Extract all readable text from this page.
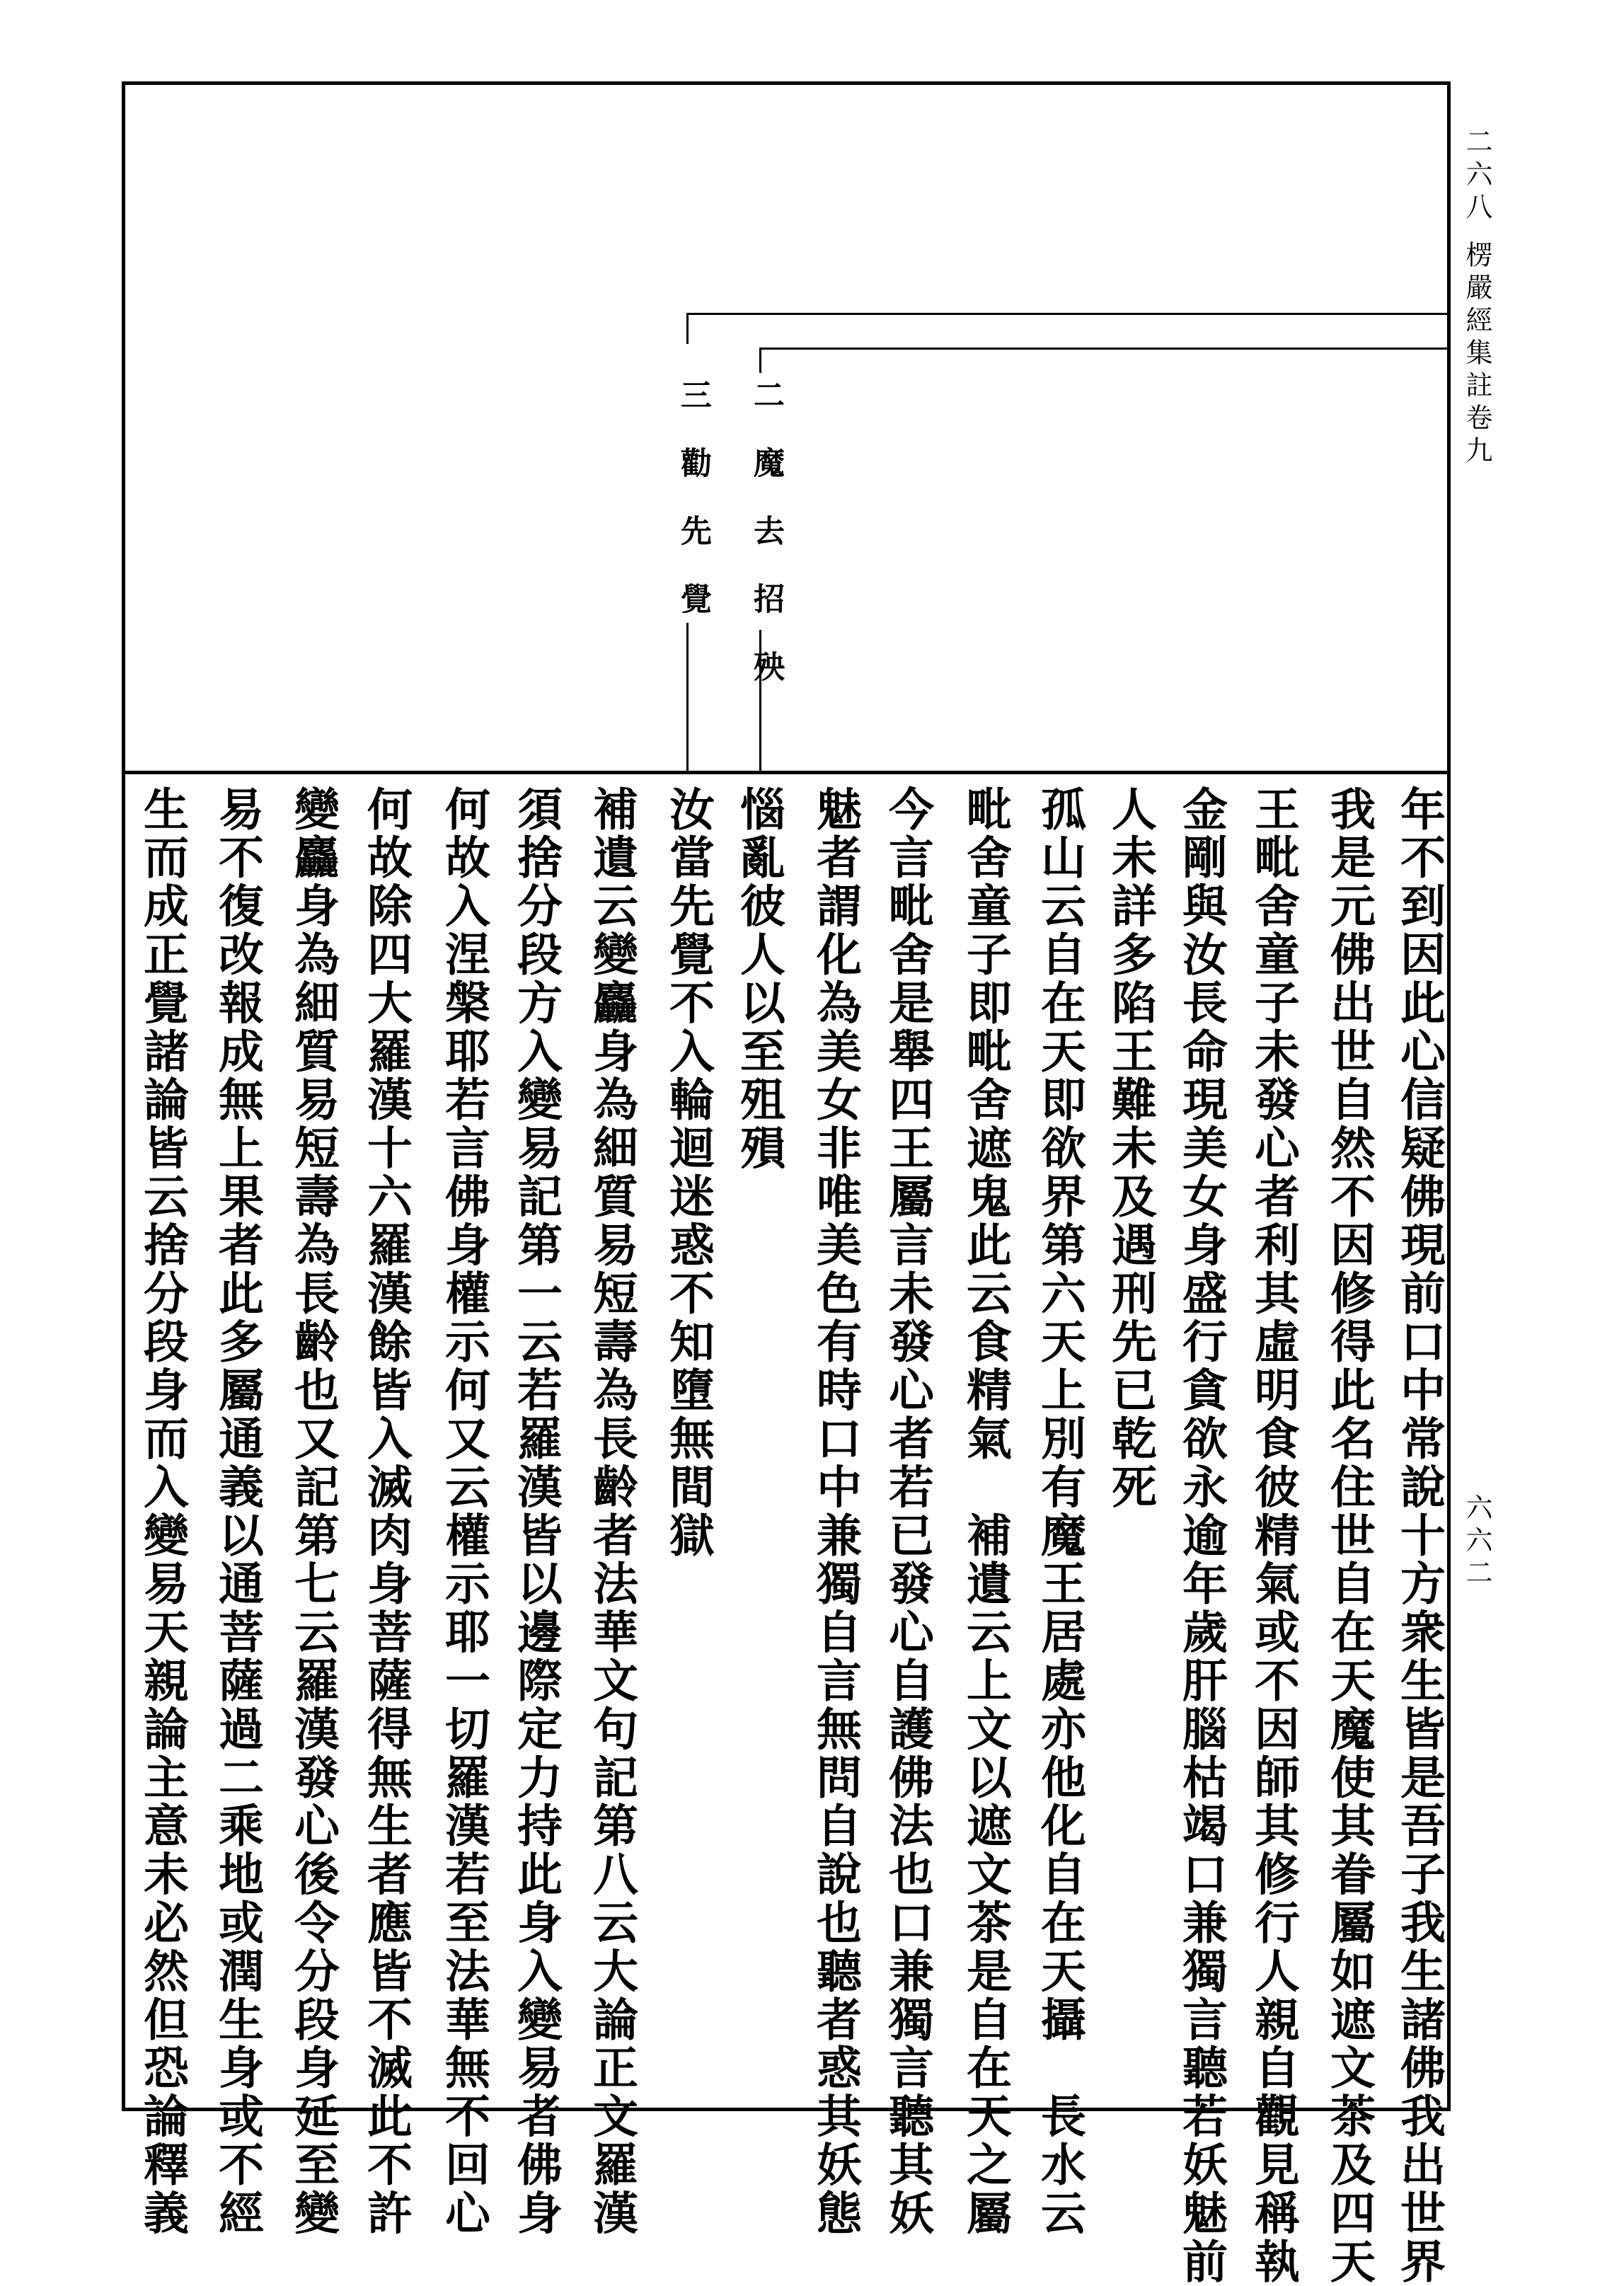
二六八
楞嚴經集註卷九
六六二
二魔去招殃
三勸先覺
年不到因此心信疑佛現前口中常說十方衆生皆是吾子我生諸佛我出世界
我是元佛出世自然不因修得此名住世自在天魔使其眷屬如遮文茶及四天
王毗舍童子未發心者利其虛明食彼精氣或不因師其修行人親自觀見稱執
金剛與汝長命現美女身盛行貪欲永逾年歲肝腦枯竭口兼獨言聽若妖魅前
人未詳多陷王難未及遇刑先已乾死
孤山云自在天即欲界第六天上別有魔王居處亦他化自在天攝　長水云
毗舍童子即毗舍遮鬼此云食精氣　補遺云上文以遮文茶是自在天之屬
今言毗舍是舉四王屬言未發心者若已發心自護佛法也口兼獨言聽其妖
魅者謂化為美女非唯美色有時口中兼獨自言無問自說也聽者惑其妖態
惱亂彼人以至殂殞
汝當先覺不入輪迴迷惑不知墮無間獄
補遺云變麤身為細質易短壽為長齡者法華文句記第八云大論正文羅漢
須捨分段方入變易記第一云若羅漢皆以邊際定力持此身入變易者佛身
何故入涅槃耶若言佛身權示何又云權示耶一切羅漢若至法華無不回心
何故除四大羅漢十六羅漢餘皆入滅肉身菩薩得無生者應皆不滅此不許
變麤身為細質易短壽為長齡也又記第七云羅漢發心後令分段身延至變
易不復改報成無上果者此多屬通義以通菩薩過二乘地或潤生身或不經
生而成正覺諸論皆云捨分段身而入變易天親論主意未必然但恐論釋義
